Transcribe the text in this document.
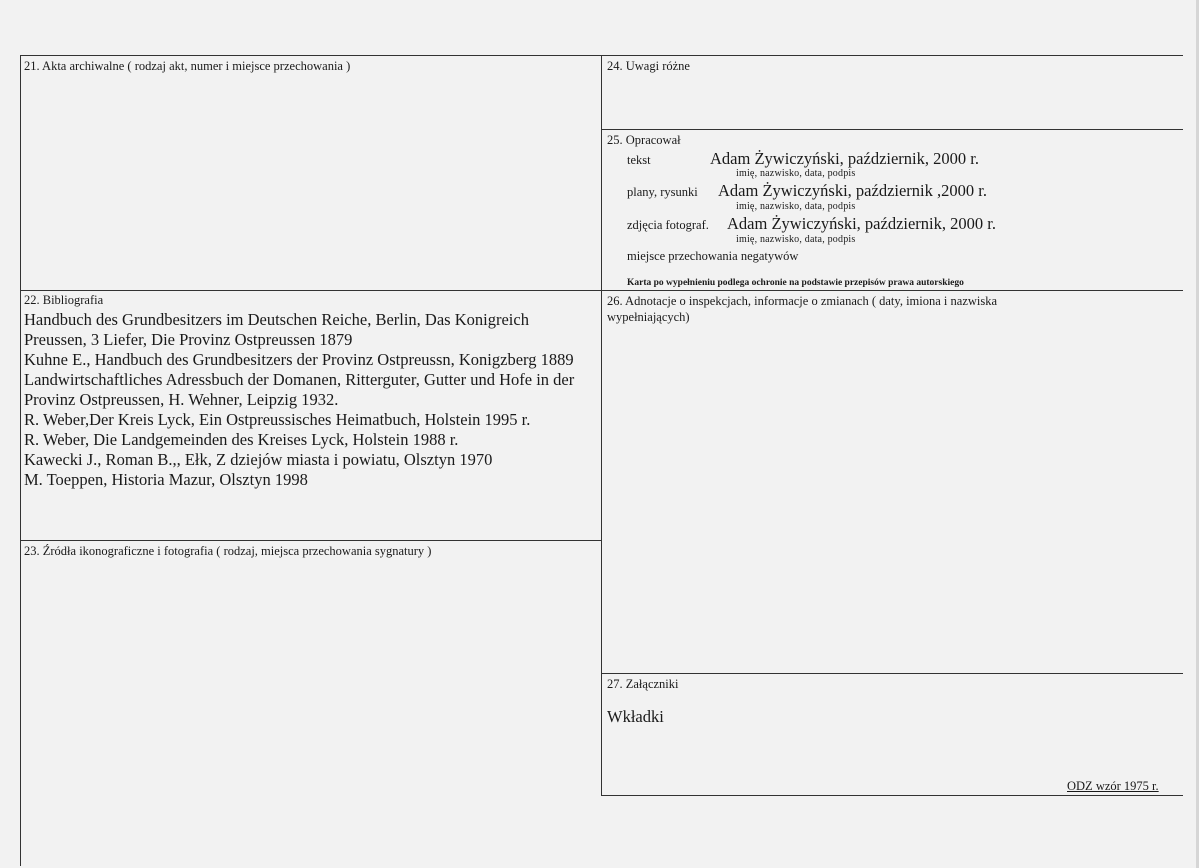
21. Akta archiwalne ( rodzaj akt, numer i miejsce przechowania )	24. Uwagi różne
25. Opracował
tekst	Adam Żywiczyński, październik, 2000 r.
imię, nazwisko, data, podpis
plany, rysunki Adam Żywiczyński, październik ,2000 r.
imię, nazwisko, data, podpis
zdjęcia fotograf. Adam Żywiczyński, październik, 2000 r.
imię, nazwisko, data, podpis
miejsce przechowania negatywów
Karta po wypełnieniu podlega ochronie na podstawie przepisów prawa autorskiego
22. Bibliografia
Handbuch des Grundbesitzers im Deutschen Reiche, Berlin, Das Konigreich
Preussen, 3 Liefer, Die Provinz Ostpreussen 1879
Kuhne E., Handbuch des Grundbesitzers der Provinz Ostpreussn, Konigzberg 1889
Landwirtschaftliches Adressbuch der Domanen, Ritterguter, Gutter und Hofe in der
Provinz Ostpreussen, H. Wehner, Leipzig 1932.
R. Weber,Der Kreis Lyck, Ein Ostpreussisches Heimatbuch, Holstein 1995 r.
R. Weber, Die Landgemeinden des Kreises Lyck, Holstein 1988 r.
Kawecki J., Roman B.,, Ełk, Z dziejów miasta i powiatu, Olsztyn 1970
M. Toeppen, Historia Mazur, Olsztyn 1998
26. Adnotacje o inspekcjach, informacje o zmianach ( daty, imiona i nazwiska
wypełniających)
23. Źródła ikonograficzne i fotografia ( rodzaj, miejsca przechowania sygnatury )
27. Załączniki
Wkładki
ODZ wzór 1975 r.
